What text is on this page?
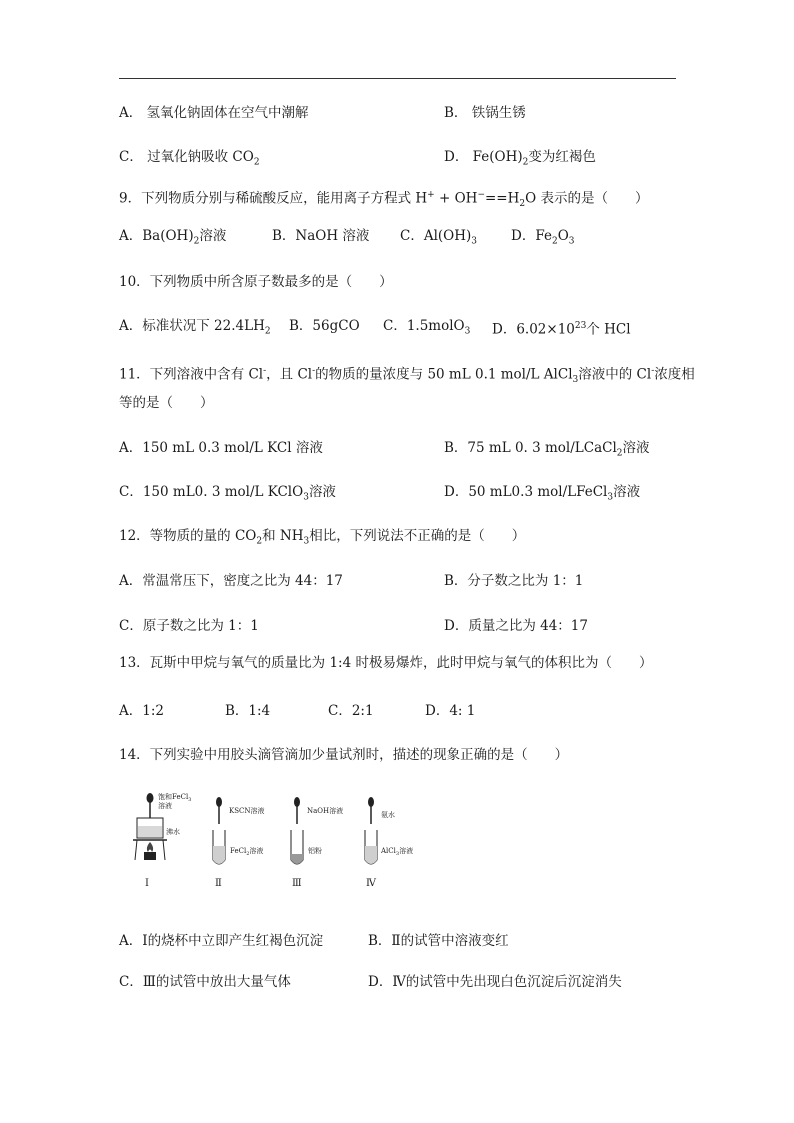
A． 氢氧化钠固体在空气中潮解	B． 铁锅生锈
C． 过氧化钠吸收 $CO_2$	D． $Fe(OH)_2$变为红褐色
9．下列物质分别与稀硫酸反应，能用离子方程式 $H^+ + OH^-==H_2O$ 表示的是（　　）
A．$Ba(OH)_2$溶液	B．NaOH 溶液 C．$Al(OH)_3$	D．$Fe_2O_3$
10．下列物质中所含原子数最多的是（　　）
A．标准状况下 $22.4LH_2$ B．56gCO C．1.5molO$_3$ D．$6.02\times 10^{23}$个 HCl
11．下列溶液中含有 Cl-，且 Cl-的物质的量浓度与 50 mL 0.1 mol/L AlCl$_3$溶液中的 Cl-浓度相
等的是（　　）
A．150 mL 0.3 mol/L KCl 溶液	B．75 mL 0. 3 mol/LCaCl$_2$溶液
C．150 mL0. 3 mol/L KClO$_3$溶液	D．50 mL0.3 mol/LFeCl$_3$溶液
12．等物质的量的 $CO_2$和 $NH_3$相比，下列说法不正确的是（　　）
A．常温常压下，密度之比为 44：17	B．分子数之比为 1：1
C．原子数之比为 1：1	D．质量之比为 44：17
13．瓦斯中甲烷与氧气的质量比为 1:4 时极易爆炸，此时甲烷与氧气的体积比为（　　）
A．1:2	B．1:4	C．2:1	D．4: 1
14．下列实验中用胶头滴管滴加少量试剂时，描述的现象正确的是（　　）
饱和FeCl$_3$
溶液
沸水
Ⅰ
KSCN溶液
FeCl$_2$溶液
Ⅱ
NaOH溶液
铝粉
Ⅲ
氨水
AlCl$_3$溶液
Ⅳ
A．Ⅰ的烧杯中立即产生红褐色沉淀	B．Ⅱ的试管中溶液变红
C．Ⅲ的试管中放出大量气体	D．Ⅳ的试管中先出现白色沉淀后沉淀消失
